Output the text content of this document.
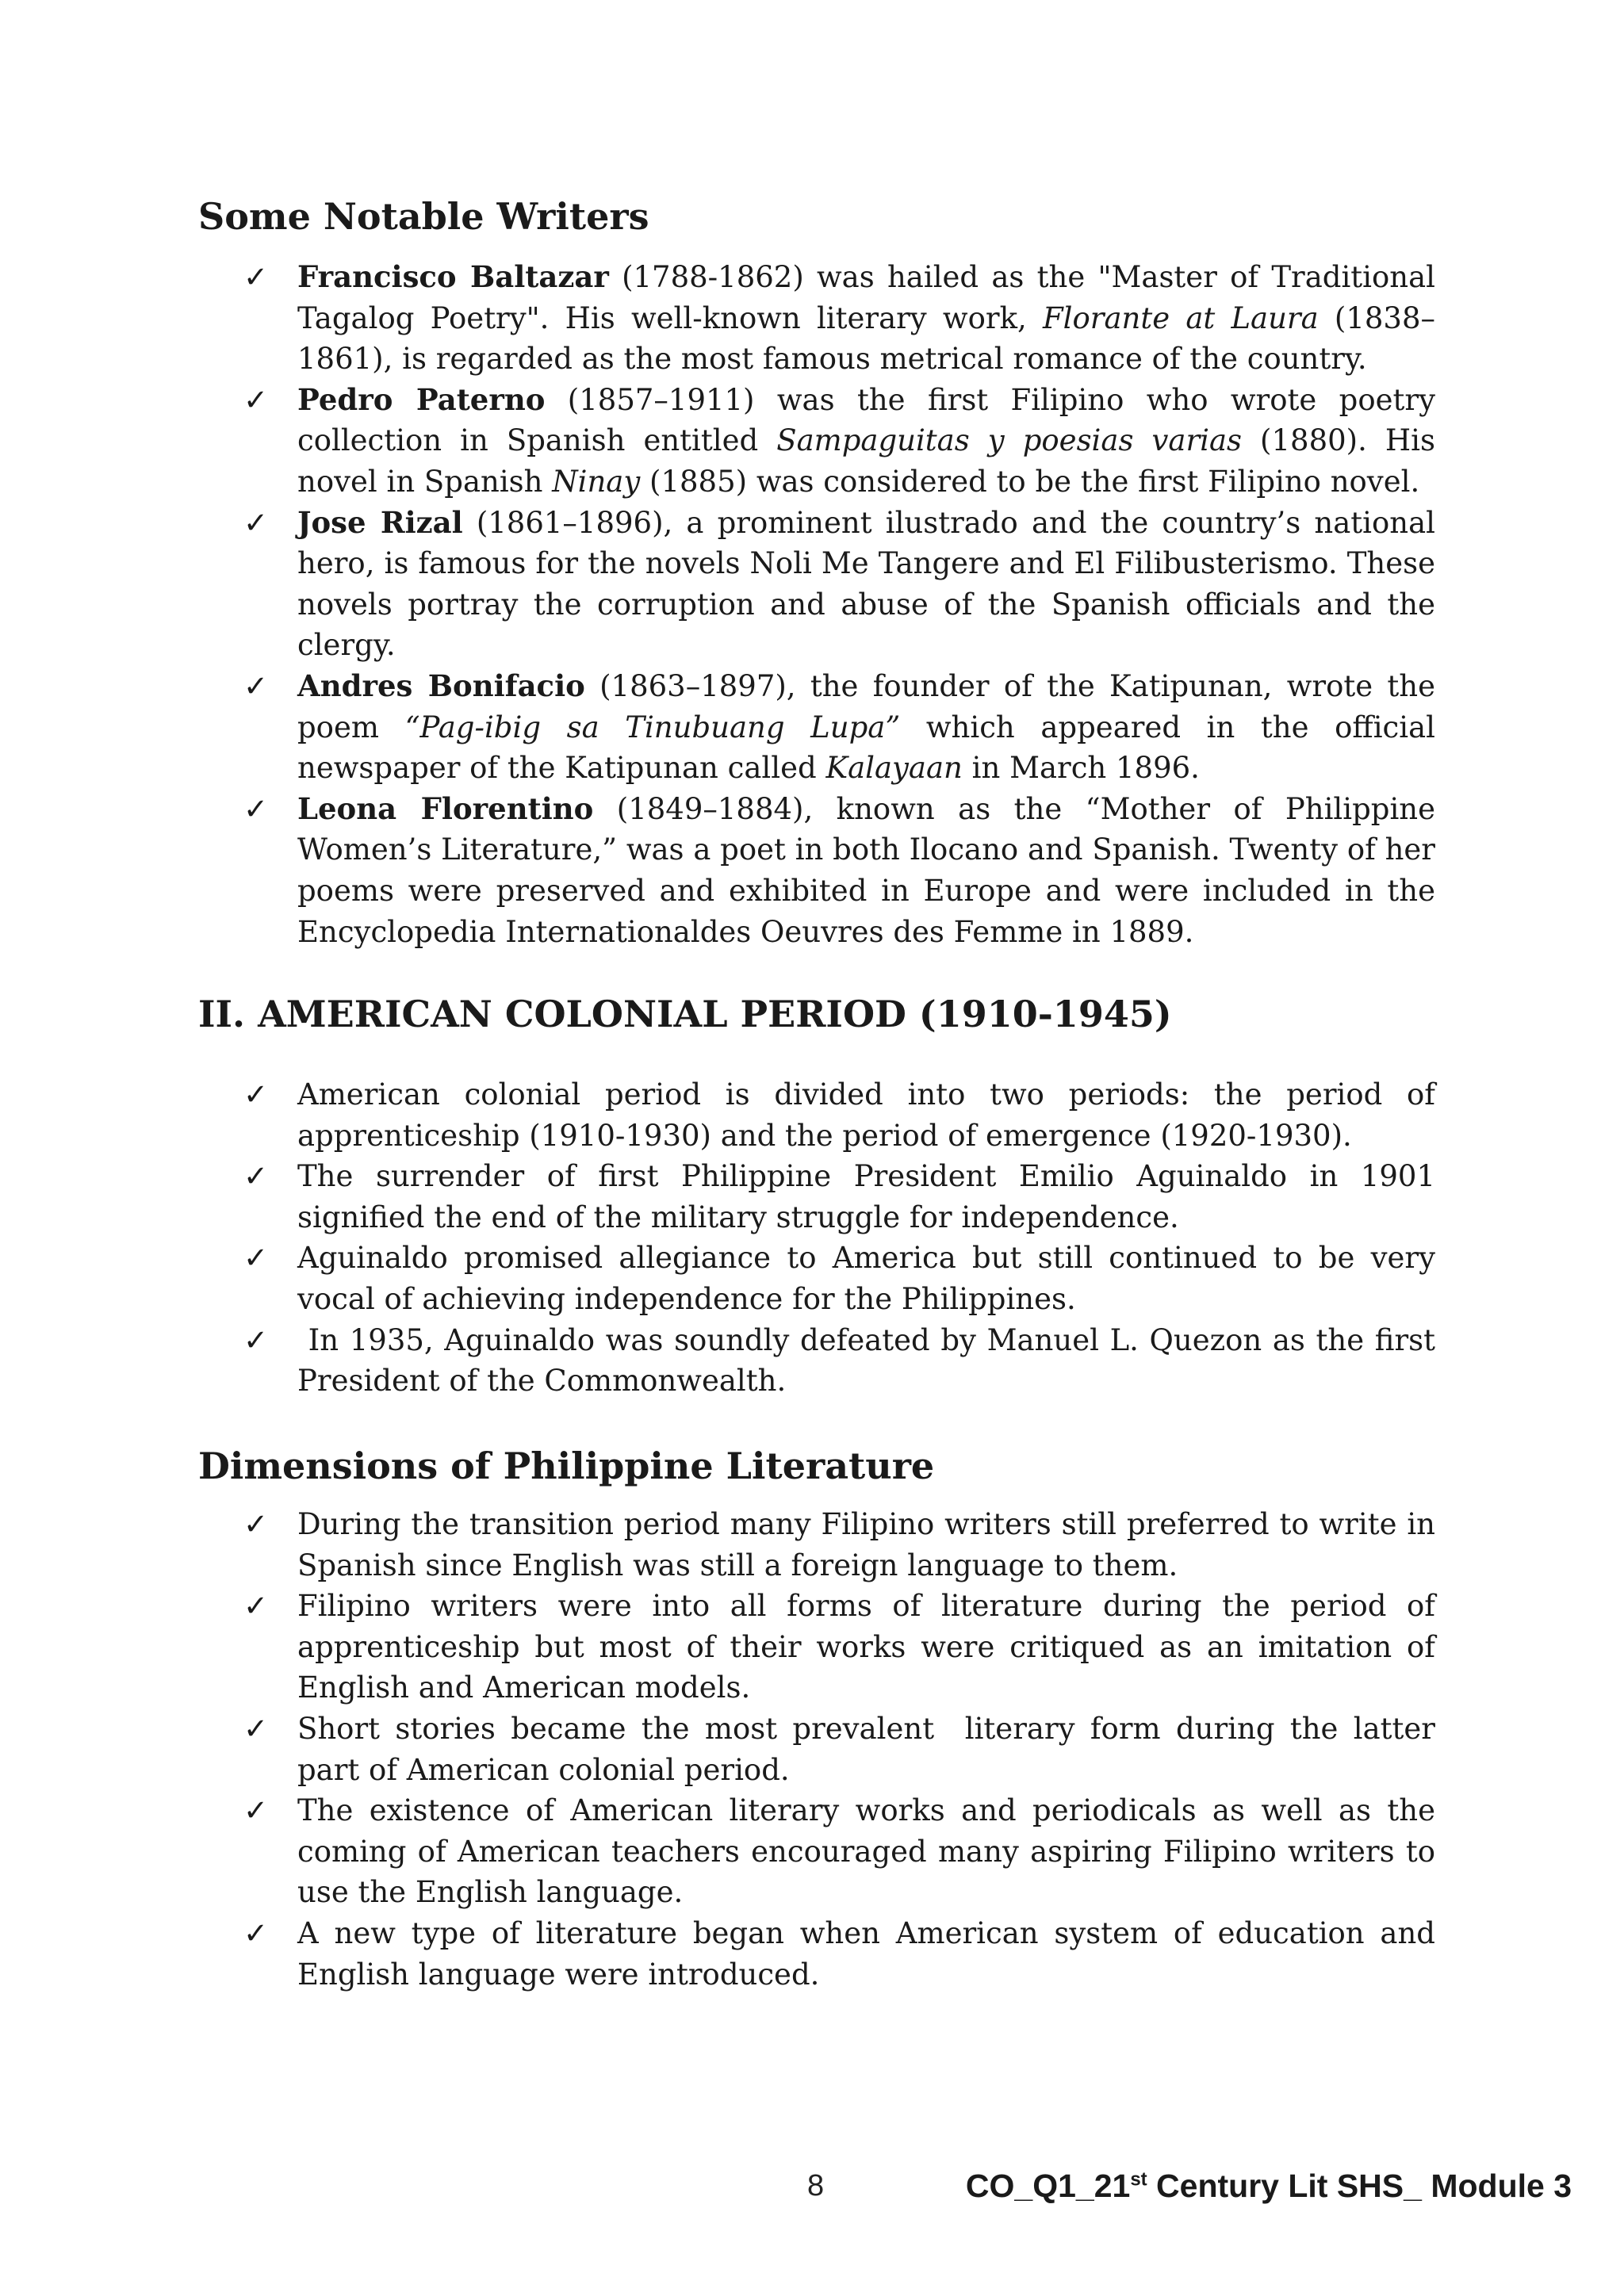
Some Notable Writers
✓ Francisco Baltazar (1788-1862) was hailed as the "Master of Traditional Tagalog Poetry". His well-known literary work, Florante at Laura (1838–1861), is regarded as the most famous metrical romance of the country.
✓ Pedro Paterno (1857–1911) was the first Filipino who wrote poetry collection in Spanish entitled Sampaguitas y poesias varias (1880). His novel in Spanish Ninay (1885) was considered to be the first Filipino novel.
✓ Jose Rizal (1861–1896), a prominent ilustrado and the country’s national hero, is famous for the novels Noli Me Tangere and El Filibusterismo. These novels portray the corruption and abuse of the Spanish officials and the clergy.
✓ Andres Bonifacio (1863–1897), the founder of the Katipunan, wrote the poem “Pag-ibig sa Tinubuang Lupa” which appeared in the official newspaper of the Katipunan called Kalayaan in March 1896.
✓ Leona Florentino (1849–1884), known as the “Mother of Philippine Women’s Literature,” was a poet in both Ilocano and Spanish. Twenty of her poems were preserved and exhibited in Europe and were included in the Encyclopedia Internationaldes Oeuvres des Femme in 1889.
II. AMERICAN COLONIAL PERIOD (1910-1945)
✓ American colonial period is divided into two periods: the period of apprenticeship (1910-1930) and the period of emergence (1920-1930).
✓ The surrender of first Philippine President Emilio Aguinaldo in 1901 signified the end of the military struggle for independence.
✓ Aguinaldo promised allegiance to America but still continued to be very vocal of achieving independence for the Philippines.
✓ In 1935, Aguinaldo was soundly defeated by Manuel L. Quezon as the first President of the Commonwealth.
Dimensions of Philippine Literature
✓ During the transition period many Filipino writers still preferred to write in Spanish since English was still a foreign language to them.
✓ Filipino writers were into all forms of literature during the period of apprenticeship but most of their works were critiqued as an imitation of English and American models.
✓ Short stories became the most prevalent  literary form during the latter part of American colonial period.
✓ The existence of American literary works and periodicals as well as the coming of American teachers encouraged many aspiring Filipino writers to use the English language.
✓ A new type of literature began when American system of education and English language were introduced.
8	CO_Q1_21st Century Lit SHS_ Module 3
